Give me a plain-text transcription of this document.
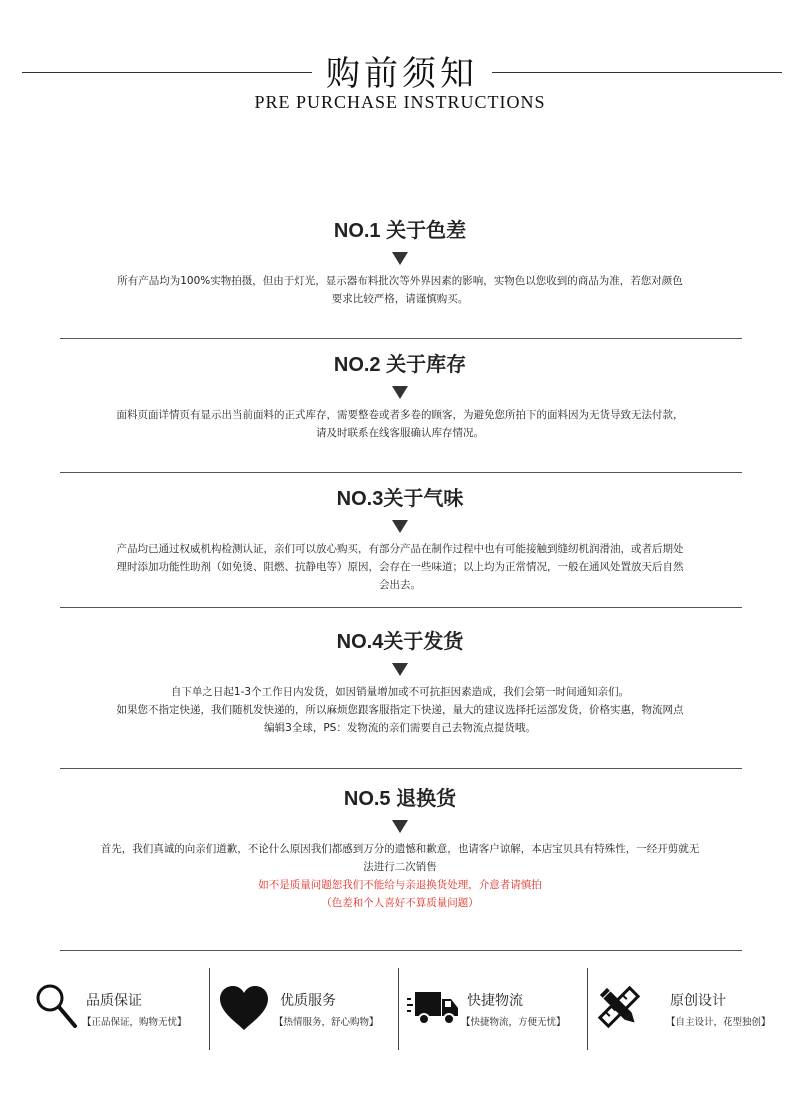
购前须知
PRE PURCHASE INSTRUCTIONS
NO.1 关于色差
所有产品均为100%实物拍摄，但由于灯光，显示器布料批次等外界因素的影响，实物色以您收到的商品为准，若您对颜色
要求比较严格，请谨慎购买。
NO.2 关于库存
面料页面详情页有显示出当前面料的正式库存，需要整卷或者多卷的顾客，为避免您所拍下的面料因为无货导致无法付款，
请及时联系在线客服确认库存情况。
NO.3关于气味
产品均已通过权威机构检测认证，亲们可以放心购买，有部分产品在制作过程中也有可能接触到缝纫机润滑油，或者后期处
理时添加功能性助剂（如免烫、阻燃、抗静电等）原因，会存在一些味道；以上均为正常情况，一般在通风处置放天后自然
会出去。
NO.4关于发货
自下单之日起1-3个工作日内发货，如因销量增加或不可抗拒因素造成，我们会第一时间通知亲们。
如果您不指定快递，我们随机发快递的，所以麻烦您跟客服指定下快递，量大的建议选择托运部发货，价格实惠，物流网点
编辑3全球，PS：发物流的亲们需要自己去物流点提货哦。
NO.5 退换货
首先，我们真诚的向亲们道歉，不论什么原因我们都感到万分的遗憾和歉意，也请客户谅解，本店宝贝具有特殊性，一经开剪就无
法进行二次销售
如不是质量问题恕我们不能给与亲退换货处理，介意者请慎拍
（色差和个人喜好不算质量问题）
品质保证
【正品保证，购物无忧】
优质服务
【热情服务，舒心购物】
快捷物流
【快捷物流，方便无忧】
原创设计
【自主设计，花型独创】
